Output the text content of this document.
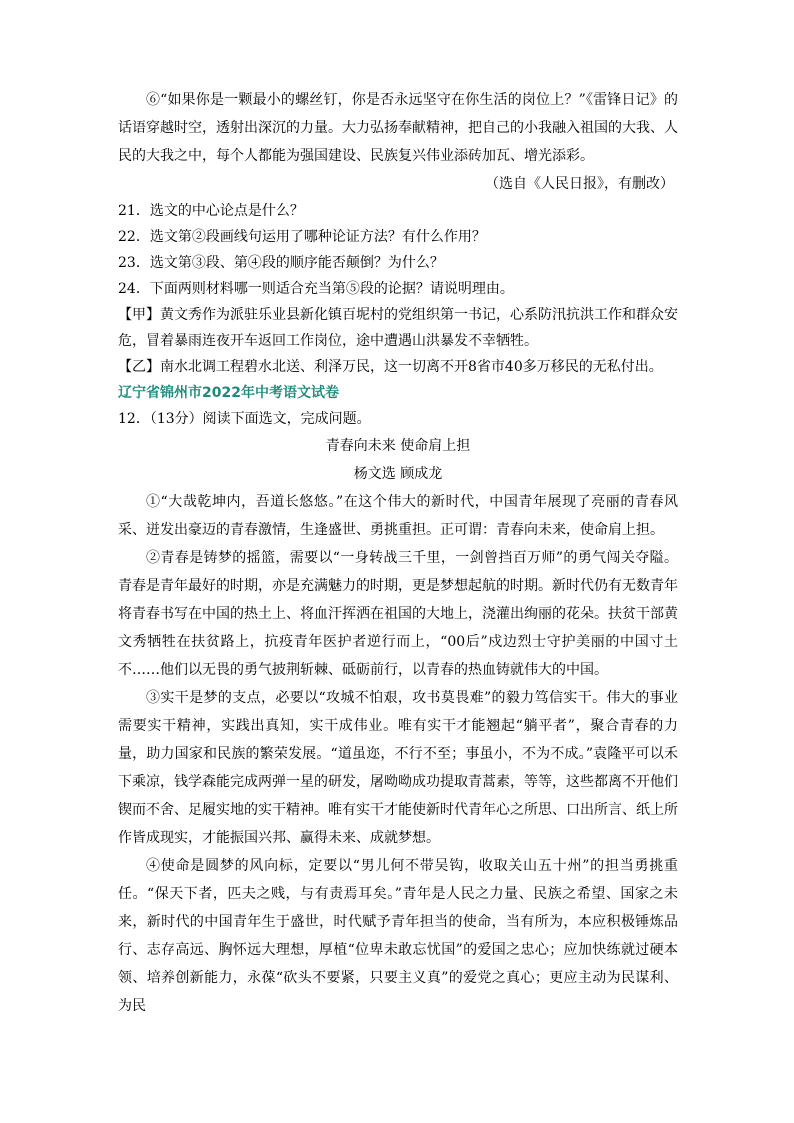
⑥“如果你是一颗最小的螺丝钉，你是否永远坚守在你生活的岗位上？”《雷锋日记》的话语穿越时空，透射出深沉的力量。大力弘扬奉献精神，把自己的小我融入祖国的大我、人民的大我之中，每个人都能为强国建设、民族复兴伟业添砖加瓦、增光添彩。

（选自《人民日报》，有删改）

21．选文的中心论点是什么？

22．选文第②段画线句运用了哪种论证方法？有什么作用？

23．选文第③段、第④段的顺序能否颠倒？为什么？

24．下面两则材料哪一则适合充当第⑤段的论据？请说明理由。

【甲】黄文秀作为派驻乐业县新化镇百坭村的党组织第一书记，心系防汛抗洪工作和群众安危，冒着暴雨连夜开车返回工作岗位，途中遭遇山洪暴发不幸牺牲。

【乙】南水北调工程碧水北送、利泽万民，这一切离不开8省市40多万移民的无私付出。

辽宁省锦州市2022年中考语文试卷

12．（13分）阅读下面选文，完成问题。

青春向未来 使命肩上担

杨文选 顾成龙

①“大哉乾坤内，吾道长悠悠。”在这个伟大的新时代，中国青年展现了亮丽的青春风采、迸发出豪迈的青春激情，生逢盛世、勇挑重担。正可谓：青春向未来，使命肩上担。

②青春是铸梦的摇篮，需要以“一身转战三千里，一剑曾挡百万师”的勇气闯关夺隘。青春是青年最好的时期，亦是充满魅力的时期，更是梦想起航的时期。新时代仍有无数青年将青春书写在中国的热土上、将血汗挥洒在祖国的大地上，浇灌出绚丽的花朵。扶贫干部黄文秀牺牲在扶贫路上，抗疫青年医护者逆行而上，“00后”戍边烈士守护美丽的中国寸土不……他们以无畏的勇气披荆斩棘、砥砺前行，以青春的热血铸就伟大的中国。

③实干是梦的支点，必要以“攻城不怕艰，攻书莫畏难”的毅力笃信实干。伟大的事业需要实干精神，实践出真知，实干成伟业。唯有实干才能翘起“躺平者”，聚合青春的力量，助力国家和民族的繁荣发展。“道虽迩，不行不至；事虽小，不为不成。”袁隆平可以禾下乘凉，钱学森能完成两弹一星的研发，屠呦呦成功提取青蒿素，等等，这些都离不开他们锲而不舍、足履实地的实干精神。唯有实干才能使新时代青年心之所思、口出所言、纸上所作皆成现实，才能振国兴邦、赢得未来、成就梦想。

④使命是圆梦的风向标，定要以“男儿何不带吴钩，收取关山五十州”的担当勇挑重任。“保天下者，匹夫之贱，与有责焉耳矣。”青年是人民之力量、民族之希望、国家之未来，新时代的中国青年生于盛世，时代赋予青年担当的使命，当有所为，本应积极锤炼品行、志存高远、胸怀远大理想，厚植“位卑未敢忘忧国”的爱国之忠心；应加快练就过硬本领、培养创新能力，永葆“砍头不要紧，只要主义真”的爱党之真心；更应主动为民谋利、为民
